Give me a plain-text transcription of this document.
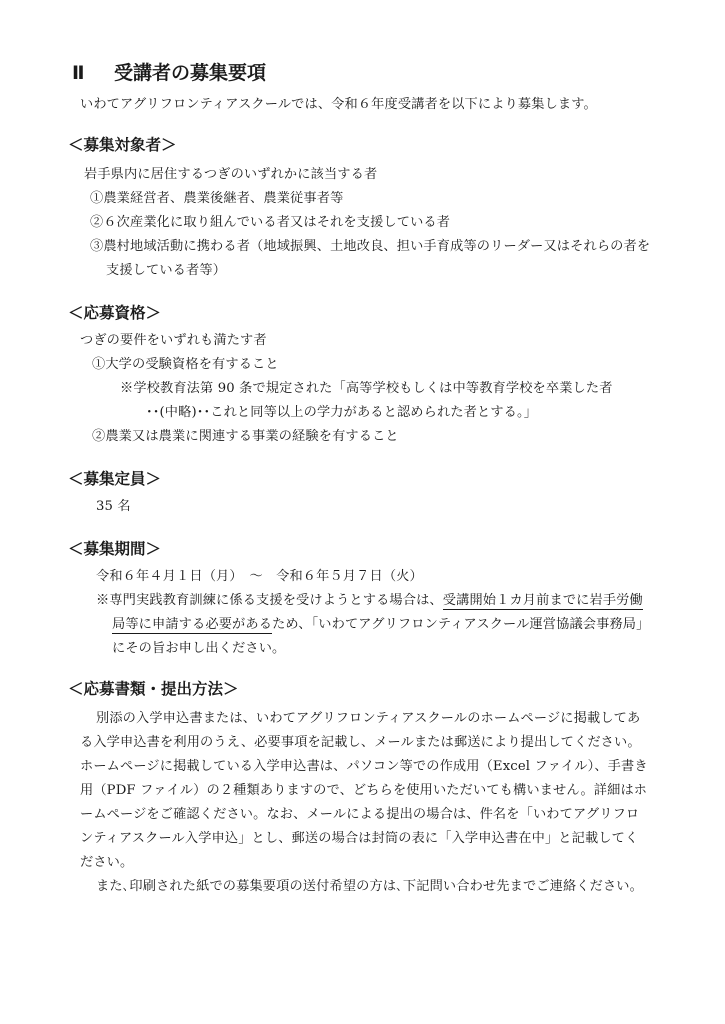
Ⅱ 受講者の募集要項
いわてアグリフロンティアスクールでは、令和６年度受講者を以下により募集します。
＜募集対象者＞
岩手県内に居住するつぎのいずれかに該当する者
①農業経営者、農業後継者、農業従事者等
②６次産業化に取り組んでいる者又はそれを支援している者
③農村地域活動に携わる者（地域振興、土地改良、担い手育成等のリーダー又はそれらの者を
支援している者等）
＜応募資格＞
つぎの要件をいずれも満たす者
①大学の受験資格を有すること
※学校教育法第 90 条で規定された「高等学校もしくは中等教育学校を卒業した者
･･(中略)･･これと同等以上の学力があると認められた者とする。」
②農業又は農業に関連する事業の経験を有すること
＜募集定員＞
35 名
＜募集期間＞
令和６年４月１日（月）　～　令和６年５月７日（火）
※専門実践教育訓練に係る支援を受けようとする場合は、受講開始１カ月前までに岩手労働
局等に申請する必要があるため、「いわてアグリフロンティアスクール運営協議会事務局」
にその旨お申し出ください。
＜応募書類・提出方法＞
別添の入学申込書または、いわてアグリフロンティアスクールのホームページに掲載してあ
る入学申込書を利用のうえ、必要事項を記載し、メールまたは郵送により提出してください。
ホームページに掲載している入学申込書は、パソコン等での作成用（Excel ファイル）、手書き
用（PDF ファイル）の２種類ありますので、どちらを使用いただいても構いません。詳細はホ
ームページをご確認ください。なお、メールによる提出の場合は、件名を「いわてアグリフロ
ンティアスクール入学申込」とし、郵送の場合は封筒の表に「入学申込書在中」と記載してく
ださい。
また､印刷された紙での募集要項の送付希望の方は､下記問い合わせ先までご連絡ください。
